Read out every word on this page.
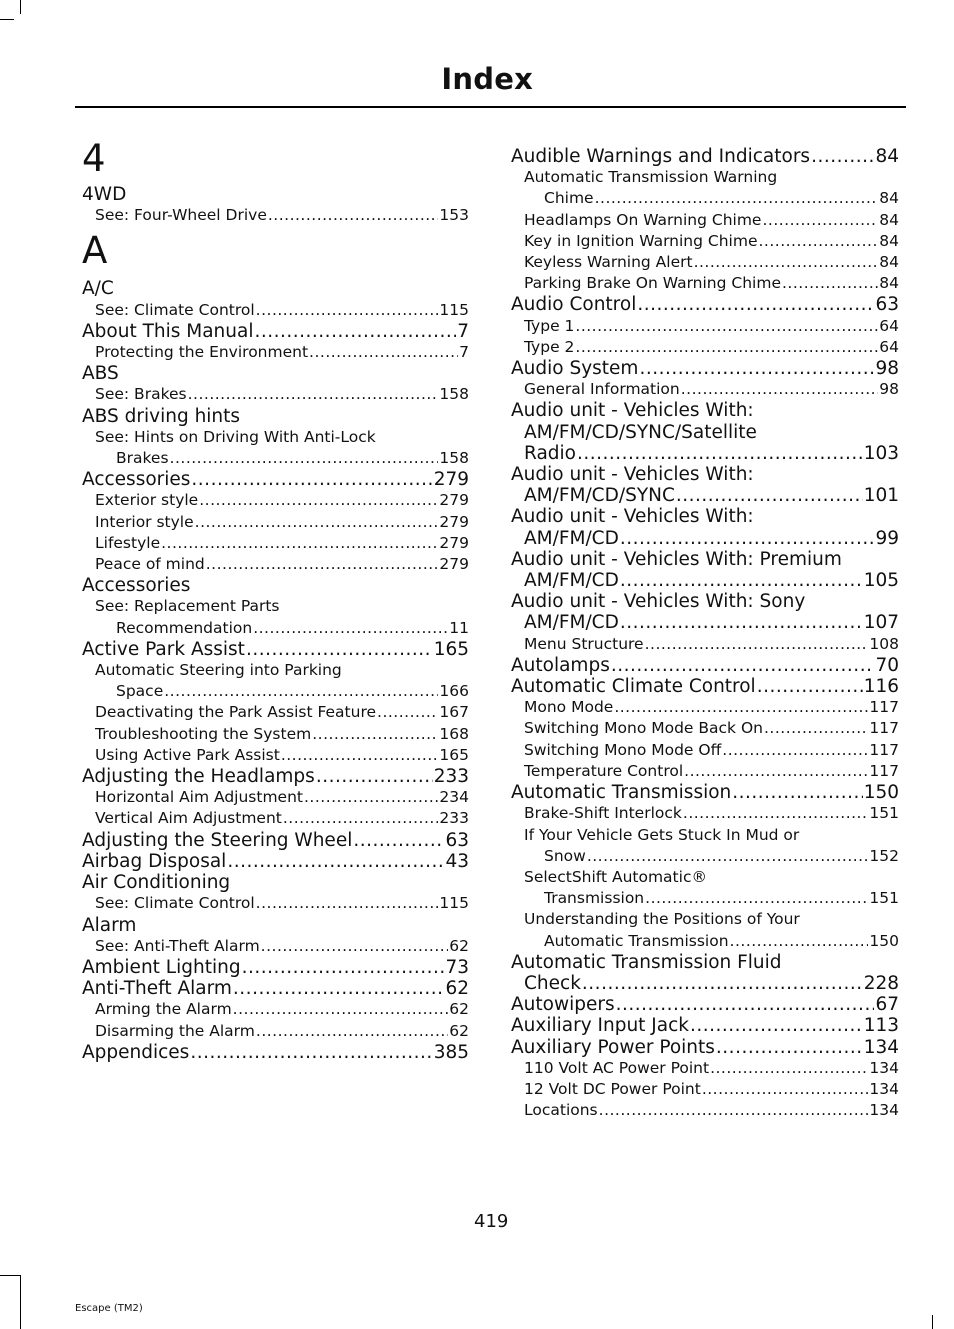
Index
4
4WD
See: Four-Wheel Drive .....	153
A
A/C
See: Climate Control .....	115
About This Manual .....	7
Protecting the Environment .....	7
ABS
See: Brakes .....	158
ABS driving hints
See: Hints on Driving With Anti-Lock
Brakes .....	158
Accessories .....	279
Exterior style .....	279
Interior style .....	279
Lifestyle .....	279
Peace of mind .....	279
Accessories
See: Replacement Parts
Recommendation .....	11
Active Park Assist .....	165
Automatic Steering into Parking
Space .....	166
Deactivating the Park Assist Feature .....	167
Troubleshooting the System .....	168
Using Active Park Assist .....	165
Adjusting the Headlamps .....	233
Horizontal Aim Adjustment .....	234
Vertical Aim Adjustment .....	233
Adjusting the Steering Wheel .....	63
Airbag Disposal .....	43
Air Conditioning
See: Climate Control .....	115
Alarm
See: Anti-Theft Alarm .....	62
Ambient Lighting .....	73
Anti-Theft Alarm .....	62
Arming the Alarm .....	62
Disarming the Alarm .....	62
Appendices .....	385
Audible Warnings and Indicators .....	84
Automatic Transmission Warning
Chime .....	84
Headlamps On Warning Chime .....	84
Key in Ignition Warning Chime .....	84
Keyless Warning Alert .....	84
Parking Brake On Warning Chime .....	84
Audio Control .....	63
Type 1 .....	64
Type 2 .....	64
Audio System .....	98
General Information .....	98
Audio unit - Vehicles With:
AM/FM/CD/SYNC/Satellite
Radio .....	103
Audio unit - Vehicles With:
AM/FM/CD/SYNC .....	101
Audio unit - Vehicles With:
AM/FM/CD .....	99
Audio unit - Vehicles With: Premium
AM/FM/CD .....	105
Audio unit - Vehicles With: Sony
AM/FM/CD .....	107
Menu Structure .....	108
Autolamps .....	70
Automatic Climate Control .....	116
Mono Mode .....	117
Switching Mono Mode Back On .....	117
Switching Mono Mode Off .....	117
Temperature Control .....	117
Automatic Transmission .....	150
Brake-Shift Interlock .....	151
If Your Vehicle Gets Stuck In Mud or
Snow .....	152
SelectShift Automatic®
Transmission .....	151
Understanding the Positions of Your
Automatic Transmission .....	150
Automatic Transmission Fluid
Check .....	228
Autowipers .....	67
Auxiliary Input Jack .....	113
Auxiliary Power Points .....	134
110 Volt AC Power Point .....	134
12 Volt DC Power Point .....	134
Locations .....	134
419
Escape (TM2)
